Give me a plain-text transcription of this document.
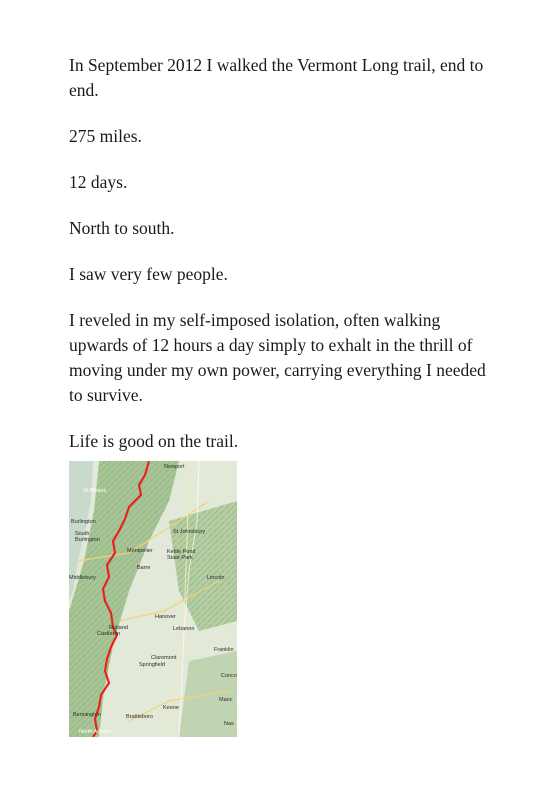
In September 2012 I walked the Vermont Long trail, end to end.

275 miles.

12 days.

North to south.

I saw very few people.

I reveled in my self-imposed isolation, often walking upwards of 12 hours a day simply to exhalt in the thrill of moving under my own power, carrying everything I needed to survive.

Life is good on the trail.

Newport
St Albans
Burlington
South Burlington
St Johnsbury
Montpelier	Kettle Pond State Park
Barre
Middlebury	Lincoln
Hanover
Lebanon
Castleton
Rutland
Franklin
Claremont
Springfield
Conco
Manc
Keene
Bennington	Brattleboro
Nas
North Adams
